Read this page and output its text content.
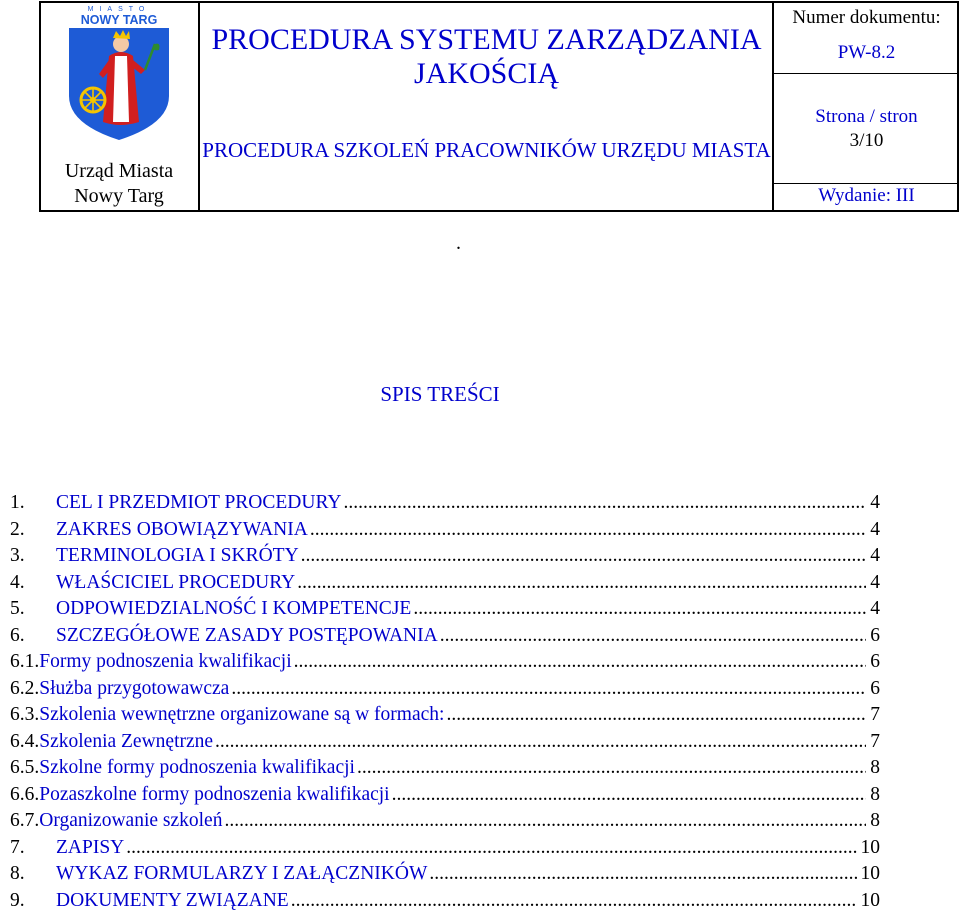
MIASTO
NOWY TARG
Urząd Miasta
Nowy Targ
PROCEDURA SYSTEMU ZARZĄDZANIA JAKOŚCIĄ
PROCEDURA SZKOLEŃ PRACOWNIKÓW URZĘDU MIASTA
Numer dokumentu:
PW-8.2
Strona / stron
3/10
Wydanie: III
.
SPIS TREŚCI
1.	CEL I PRZEDMIOT PROCEDURY .....	4
2.	ZAKRES OBOWIĄZYWANIA .....	4
3.	TERMINOLOGIA I SKRÓTY .....	4
4.	WŁAŚCICIEL PROCEDURY .....	4
5.	ODPOWIEDZIALNOŚĆ I KOMPETENCJE .....	4
6.	SZCZEGÓŁOWE ZASADY POSTĘPOWANIA .....	6
6.1. Formy podnoszenia kwalifikacji .....	6
6.2. Służba przygotowawcza .....	6
6.3. Szkolenia wewnętrzne organizowane są w formach: .....	7
6.4. Szkolenia Zewnętrzne .....	7
6.5. Szkolne formy podnoszenia kwalifikacji .....	8
6.6. Pozaszkolne formy podnoszenia kwalifikacji .....	8
6.7. Organizowanie szkoleń .....	8
7.	ZAPISY .....	10
8.	WYKAZ FORMULARZY I ZAŁĄCZNIKÓW .....	10
9.	DOKUMENTY ZWIĄZANE .....	10
